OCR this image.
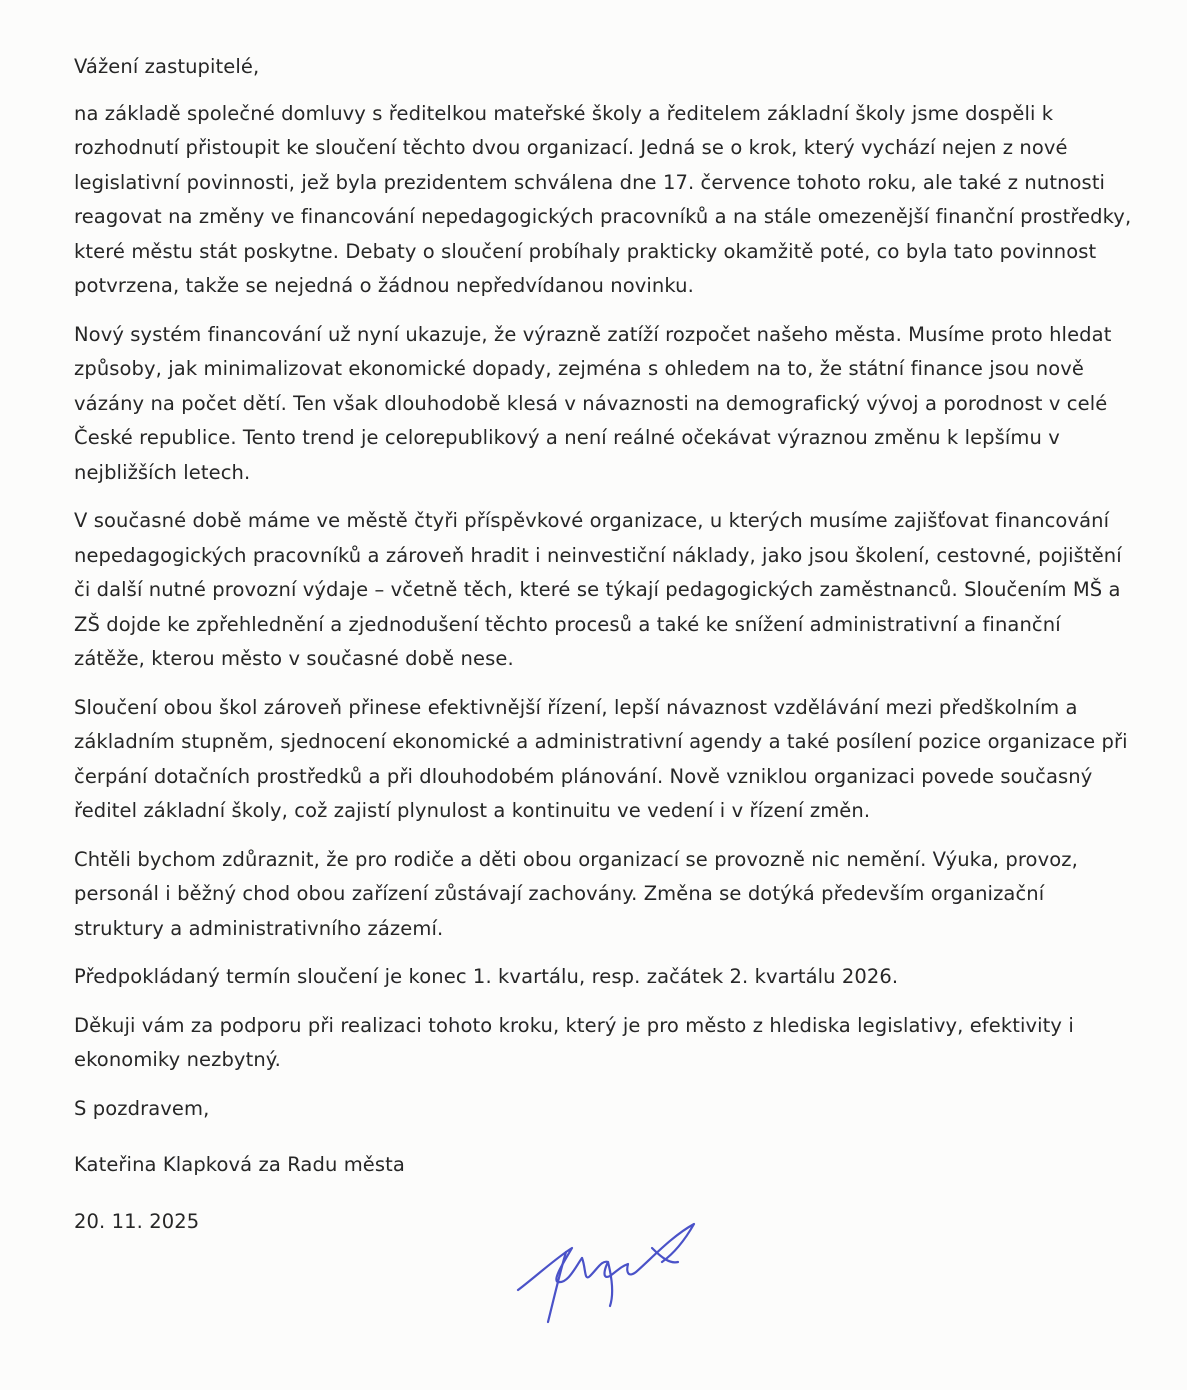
Vážení zastupitelé,

na základě společné domluvy s ředitelkou mateřské školy a ředitelem základní školy jsme dospěli k rozhodnutí přistoupit ke sloučení těchto dvou organizací. Jedná se o krok, který vychází nejen z nové legislativní povinnosti, jež byla prezidentem schválena dne 17. července tohoto roku, ale také z nutnosti reagovat na změny ve financování nepedagogických pracovníků a na stále omezenější finanční prostředky, které městu stát poskytne. Debaty o sloučení probíhaly prakticky okamžitě poté, co byla tato povinnost potvrzena, takže se nejedná o žádnou nepředvídanou novinku.

Nový systém financování už nyní ukazuje, že výrazně zatíží rozpočet našeho města. Musíme proto hledat způsoby, jak minimalizovat ekonomické dopady, zejména s ohledem na to, že státní finance jsou nově vázány na počet dětí. Ten však dlouhodobě klesá v návaznosti na demografický vývoj a porodnost v celé České republice. Tento trend je celorepublikový a není reálné očekávat výraznou změnu k lepšímu v nejbližších letech.

V současné době máme ve městě čtyři příspěvkové organizace, u kterých musíme zajišťovat financování nepedagogických pracovníků a zároveň hradit i neinvestiční náklady, jako jsou školení, cestovné, pojištění či další nutné provozní výdaje – včetně těch, které se týkají pedagogických zaměstnanců. Sloučením MŠ a ZŠ dojde ke zpřehlednění a zjednodušení těchto procesů a také ke snížení administrativní a finanční zátěže, kterou město v současné době nese.

Sloučení obou škol zároveň přinese efektivnější řízení, lepší návaznost vzdělávání mezi předškolním a základním stupněm, sjednocení ekonomické a administrativní agendy a také posílení pozice organizace při čerpání dotačních prostředků a při dlouhodobém plánování. Nově vzniklou organizaci povede současný ředitel základní školy, což zajistí plynulost a kontinuitu ve vedení i v řízení změn.

Chtěli bychom zdůraznit, že pro rodiče a děti obou organizací se provozně nic nemění. Výuka, provoz, personál i běžný chod obou zařízení zůstávají zachovány. Změna se dotýká především organizační struktury a administrativního zázemí.

Předpokládaný termín sloučení je konec 1. kvartálu, resp. začátek 2. kvartálu 2026.

Děkuji vám za podporu při realizaci tohoto kroku, který je pro město z hlediska legislativy, efektivity i ekonomiky nezbytný.

S pozdravem,

Kateřina Klapková za Radu města

20. 11. 2025
